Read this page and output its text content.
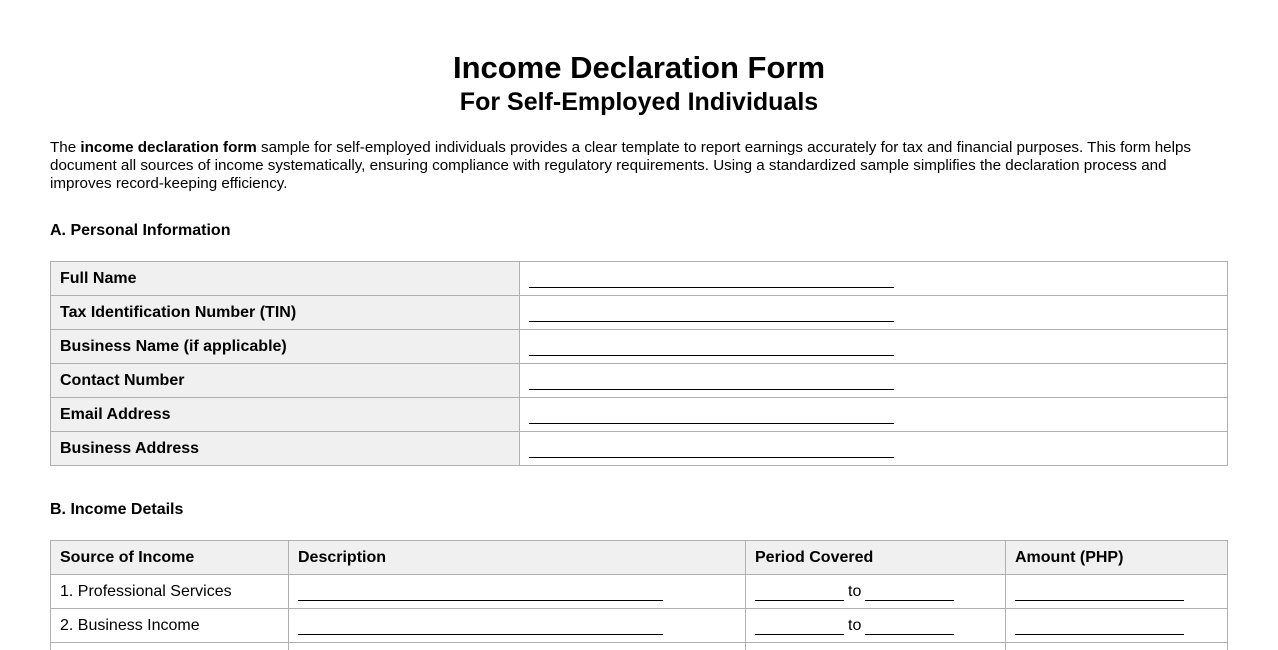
Income Declaration Form
For Self-Employed Individuals

The income declaration form sample for self-employed individuals provides a clear template to report earnings accurately for tax and financial purposes. This form helps document all sources of income systematically, ensuring compliance with regulatory requirements. Using a standardized sample simplifies the declaration process and improves record-keeping efficiency.

A. Personal Information
Full Name	
Tax Identification Number (TIN)	
Business Name (if applicable)	
Contact Number	
Email Address	
Business Address	
B. Income Details
Source of Income	Description	Period Covered	Amount (PHP)
1. Professional Services		to	
2. Business Income		to	
